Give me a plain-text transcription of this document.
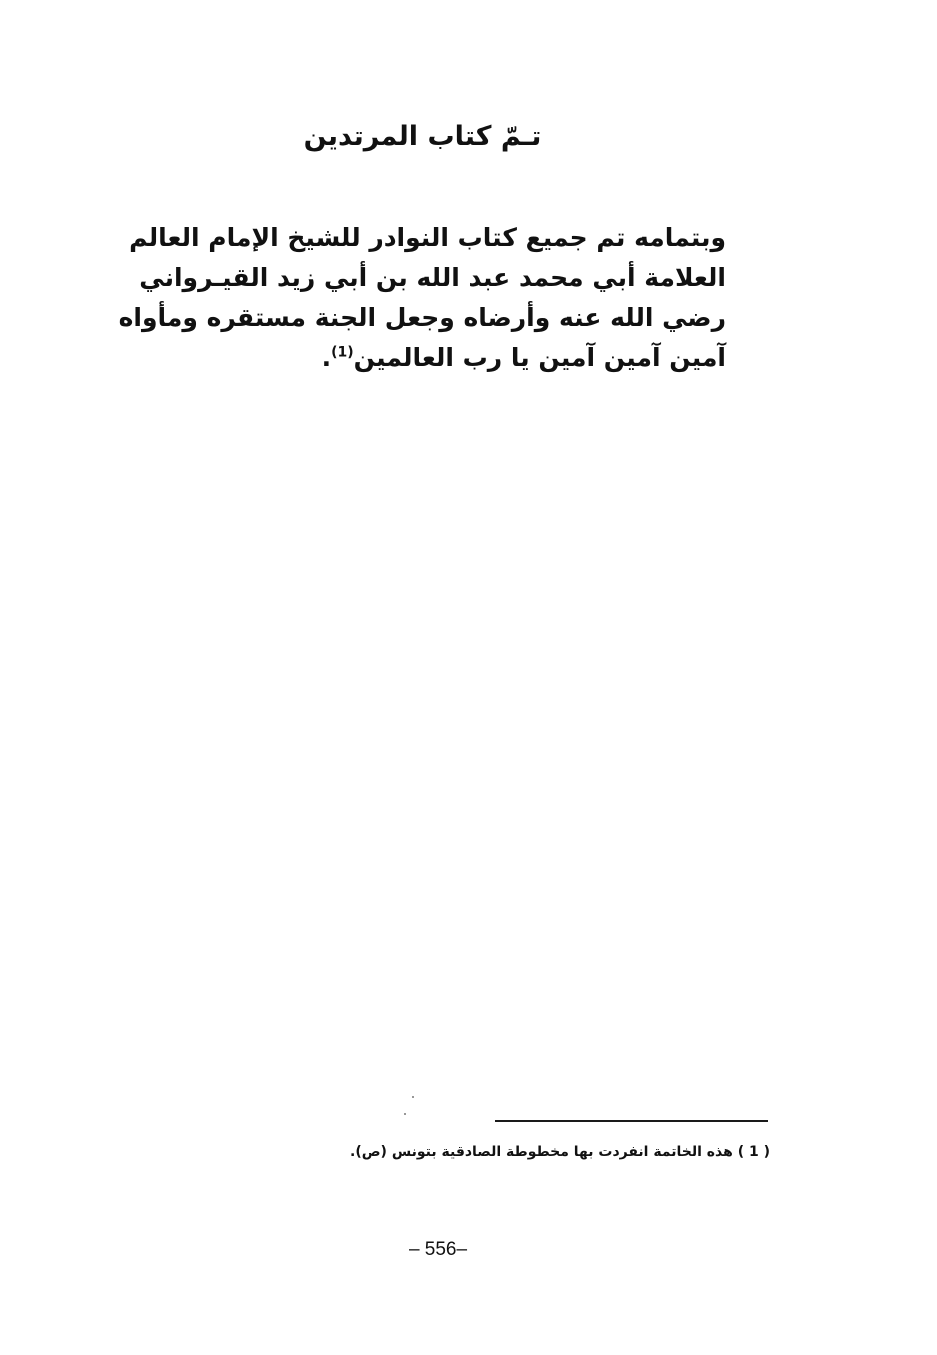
تـمّ كتاب المرتدين
وبتمامه تم جميع كتاب النوادر للشيخ الإمام العالم
العلامة أبي محمد عبد الله بن أبي زيد القيـرواني
رضي الله عنه وأرضاه وجعل الجنة مستقره ومأواه
آمين آمين آمين يا رب العالمين$^{(1)}$.
( 1 ) هذه الخاتمة انفردت بها مخطوطة الصادقية بتونس (ص).
– 556–
